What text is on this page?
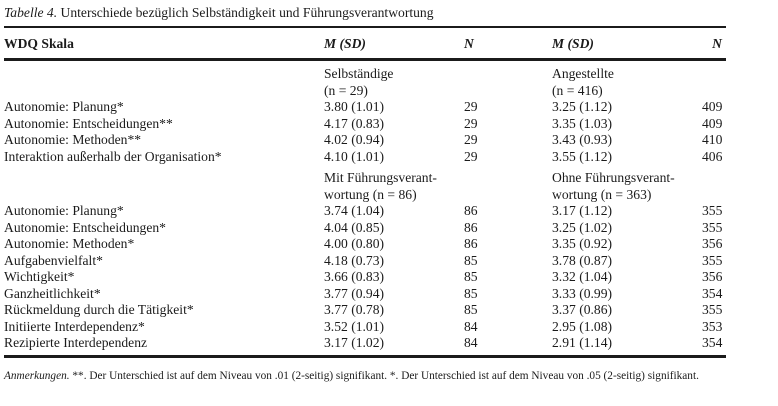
Tabelle 4. Unterschiede bezüglich Selbständigkeit und Führungsverantwortung
WDQ Skala	M (SD)	N	M (SD)	N
Selbständige
(n = 29)
Angestellte
(n = 416)
Autonomie: Planung*	3.80 (1.01)	29	3.25 (1.12)	409
Autonomie: Entscheidungen**	4.17 (0.83)	29	3.35 (1.03)	409
Autonomie: Methoden**	4.02 (0.94)	29	3.43 (0.93)	410
Interaktion außerhalb der Organisation*	4.10 (1.01)	29	3.55 (1.12)	406
Mit Führungsverant-
wortung (n = 86)
Ohne Führungsverant-
wortung (n = 363)
Autonomie: Planung*	3.74 (1.04)	86	3.17 (1.12)	355
Autonomie: Entscheidungen*	4.04 (0.85)	86	3.25 (1.02)	355
Autonomie: Methoden*	4.00 (0.80)	86	3.35 (0.92)	356
Aufgabenvielfalt*	4.18 (0.73)	85	3.78 (0.87)	355
Wichtigkeit*	3.66 (0.83)	85	3.32 (1.04)	356
Ganzheitlichkeit*	3.77 (0.94)	85	3.33 (0.99)	354
Rückmeldung durch die Tätigkeit*	3.77 (0.78)	85	3.37 (0.86)	355
Initiierte Interdependenz*	3.52 (1.01)	84	2.95 (1.08)	353
Rezipierte Interdependenz	3.17 (1.02)	84	2.91 (1.14)	354
Anmerkungen. **. Der Unterschied ist auf dem Niveau von .01 (2-seitig) signifikant. *. Der Unterschied ist auf dem Niveau von .05 (2-seitig) signifikant.
